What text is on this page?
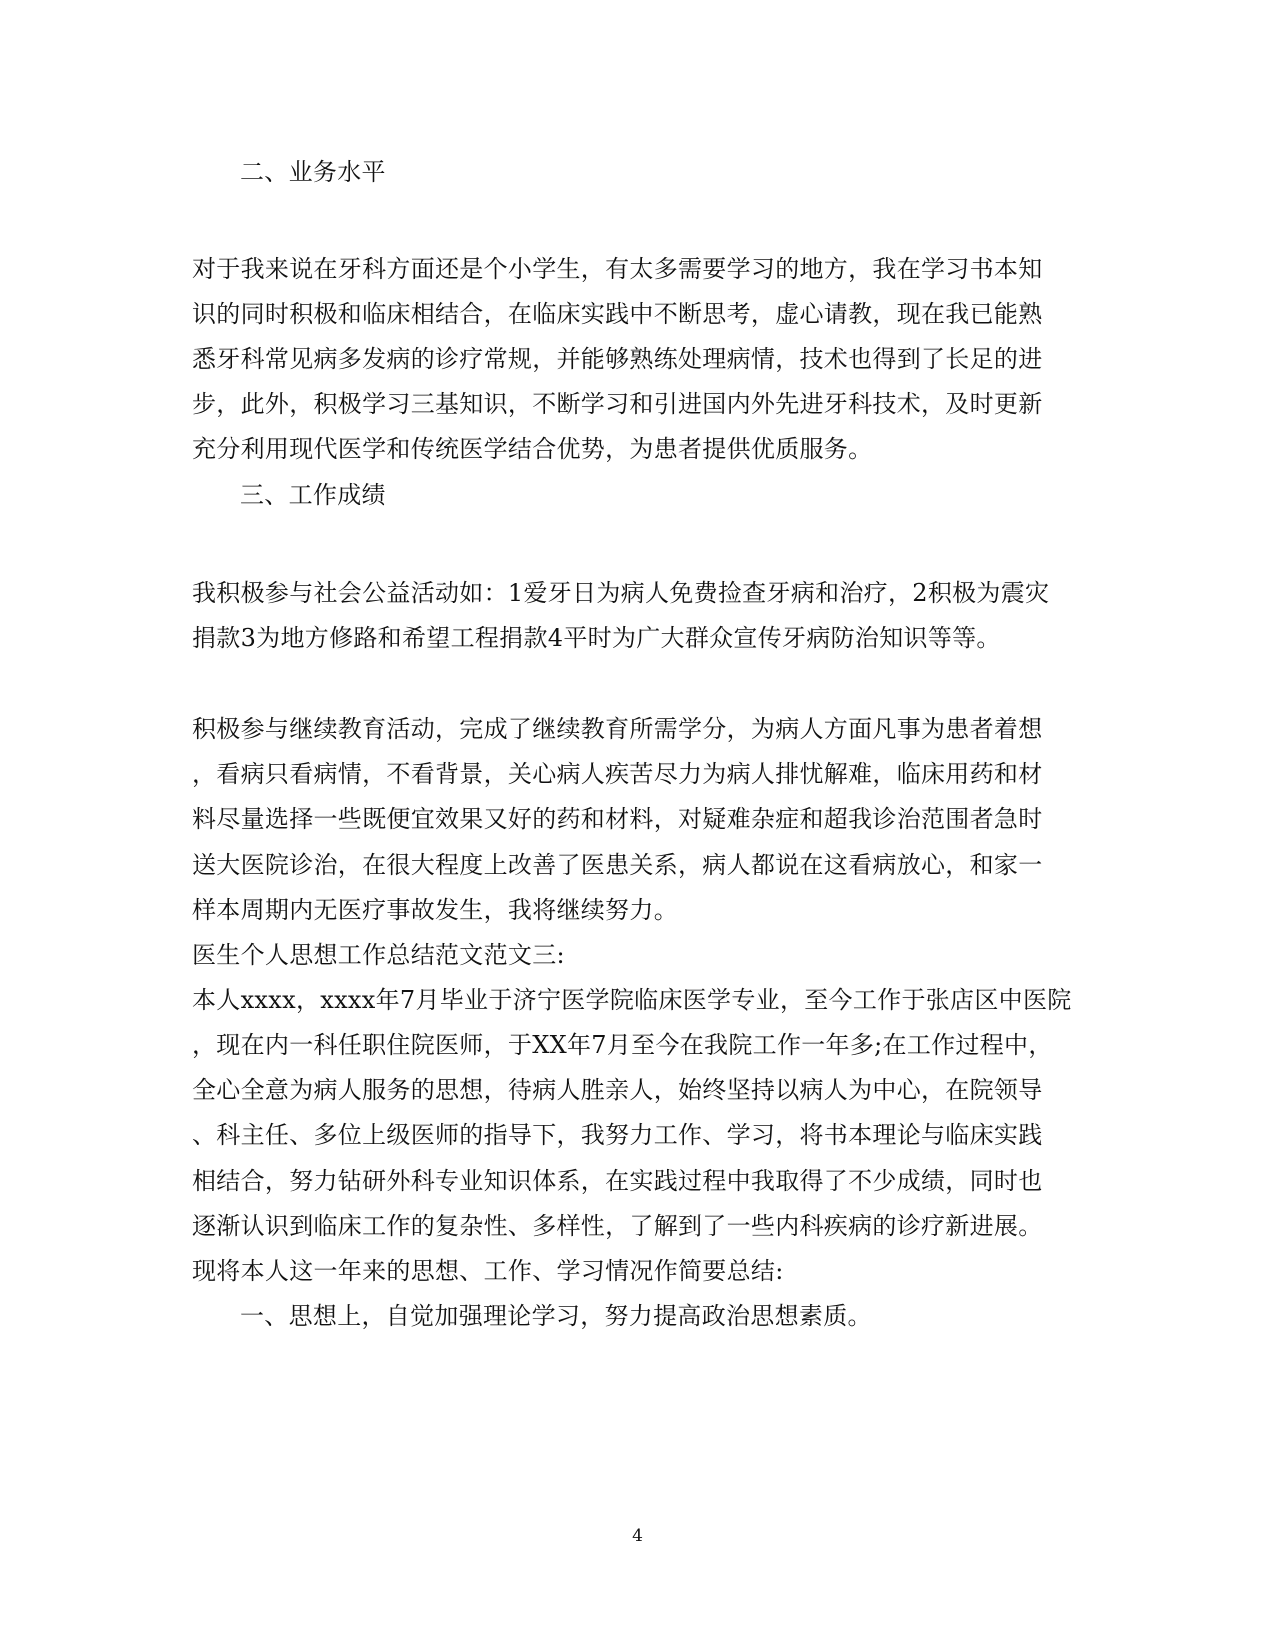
二、业务水平
对于我来说在牙科方面还是个小学生，有太多需要学习的地方，我在学习书本知
识的同时积极和临床相结合，在临床实践中不断思考，虚心请教，现在我已能熟
悉牙科常见病多发病的诊疗常规，并能够熟练处理病情，技术也得到了长足的进
步，此外，积极学习三基知识，不断学习和引进国内外先进牙科技术，及时更新
充分利用现代医学和传统医学结合优势，为患者提供优质服务。
三、工作成绩
我积极参与社会公益活动如：1爱牙日为病人免费捡查牙病和治疗，2积极为震灾
捐款3为地方修路和希望工程捐款4平时为广大群众宣传牙病防治知识等等。
积极参与继续教育活动，完成了继续教育所需学分，为病人方面凡事为患者着想
，看病只看病情，不看背景，关心病人疾苦尽力为病人排忧解难，临床用药和材
料尽量选择一些既便宜效果又好的药和材料，对疑难杂症和超我诊治范围者急时
送大医院诊治，在很大程度上改善了医患关系，病人都说在这看病放心，和家一
样本周期内无医疗事故发生，我将继续努力。
医生个人思想工作总结范文范文三:
本人xxxx，xxxx年7月毕业于济宁医学院临床医学专业，至今工作于张店区中医院
，现在内一科任职住院医师，于XX年7月至今在我院工作一年多;在工作过程中，
全心全意为病人服务的思想，待病人胜亲人，始终坚持以病人为中心，在院领导
、科主任、多位上级医师的指导下，我努力工作、学习，将书本理论与临床实践
相结合，努力钻研外科专业知识体系，在实践过程中我取得了不少成绩，同时也
逐渐认识到临床工作的复杂性、多样性，了解到了一些内科疾病的诊疗新进展。
现将本人这一年来的思想、工作、学习情况作简要总结:
一、思想上，自觉加强理论学习，努力提高政治思想素质。
4
